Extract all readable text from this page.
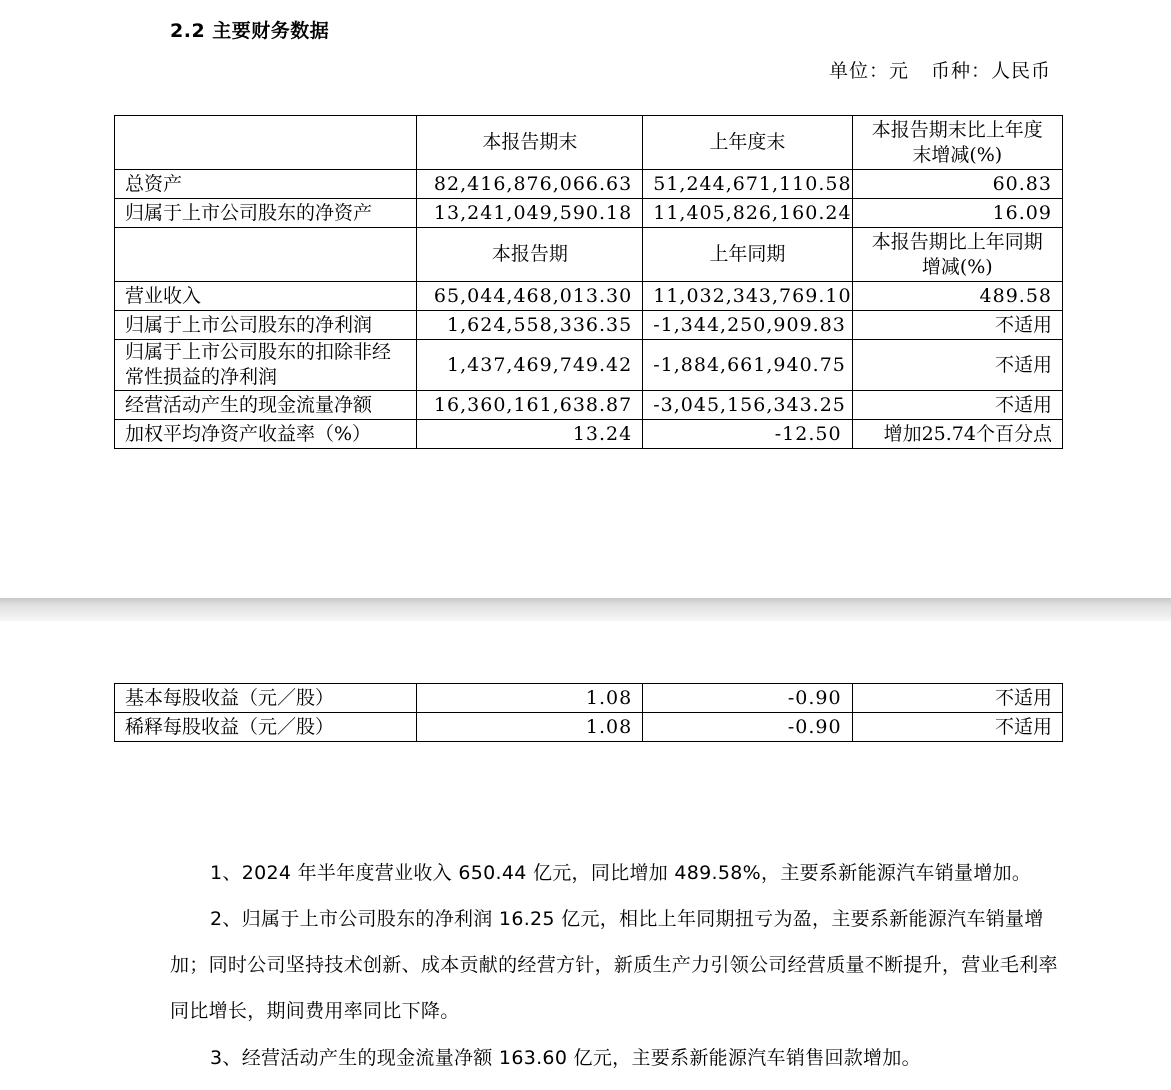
2.2 主要财务数据
单位：元 币种：人民币
	本报告期末	上年度末	本报告期末比上年度末增减(%)
总资产	82,416,876,066.63	51,244,671,110.58	60.83
归属于上市公司股东的净资产	13,241,049,590.18	11,405,826,160.24	16.09
	本报告期	上年同期	本报告期比上年同期增减(%)
营业收入	65,044,468,013.30	11,032,343,769.10	489.58
归属于上市公司股东的净利润	1,624,558,336.35	-1,344,250,909.83	不适用
归属于上市公司股东的扣除非经常性损益的净利润	1,437,469,749.42	-1,884,661,940.75	不适用
经营活动产生的现金流量净额	16,360,161,638.87	-3,045,156,343.25	不适用
加权平均净资产收益率（%）	13.24	-12.50	增加25.74个百分点
基本每股收益（元／股）	1.08	-0.90	不适用
稀释每股收益（元／股）	1.08	-0.90	不适用

1、2024 年半年度营业收入 650.44 亿元，同比增加 489.58%，主要系新能源汽车销量增加。

2、归属于上市公司股东的净利润 16.25 亿元，相比上年同期扭亏为盈，主要系新能源汽车销量增加；同时公司坚持技术创新、成本贡献的经营方针，新质生产力引领公司经营质量不断提升，营业毛利率同比增长，期间费用率同比下降。

3、经营活动产生的现金流量净额 163.60 亿元，主要系新能源汽车销售回款增加。
